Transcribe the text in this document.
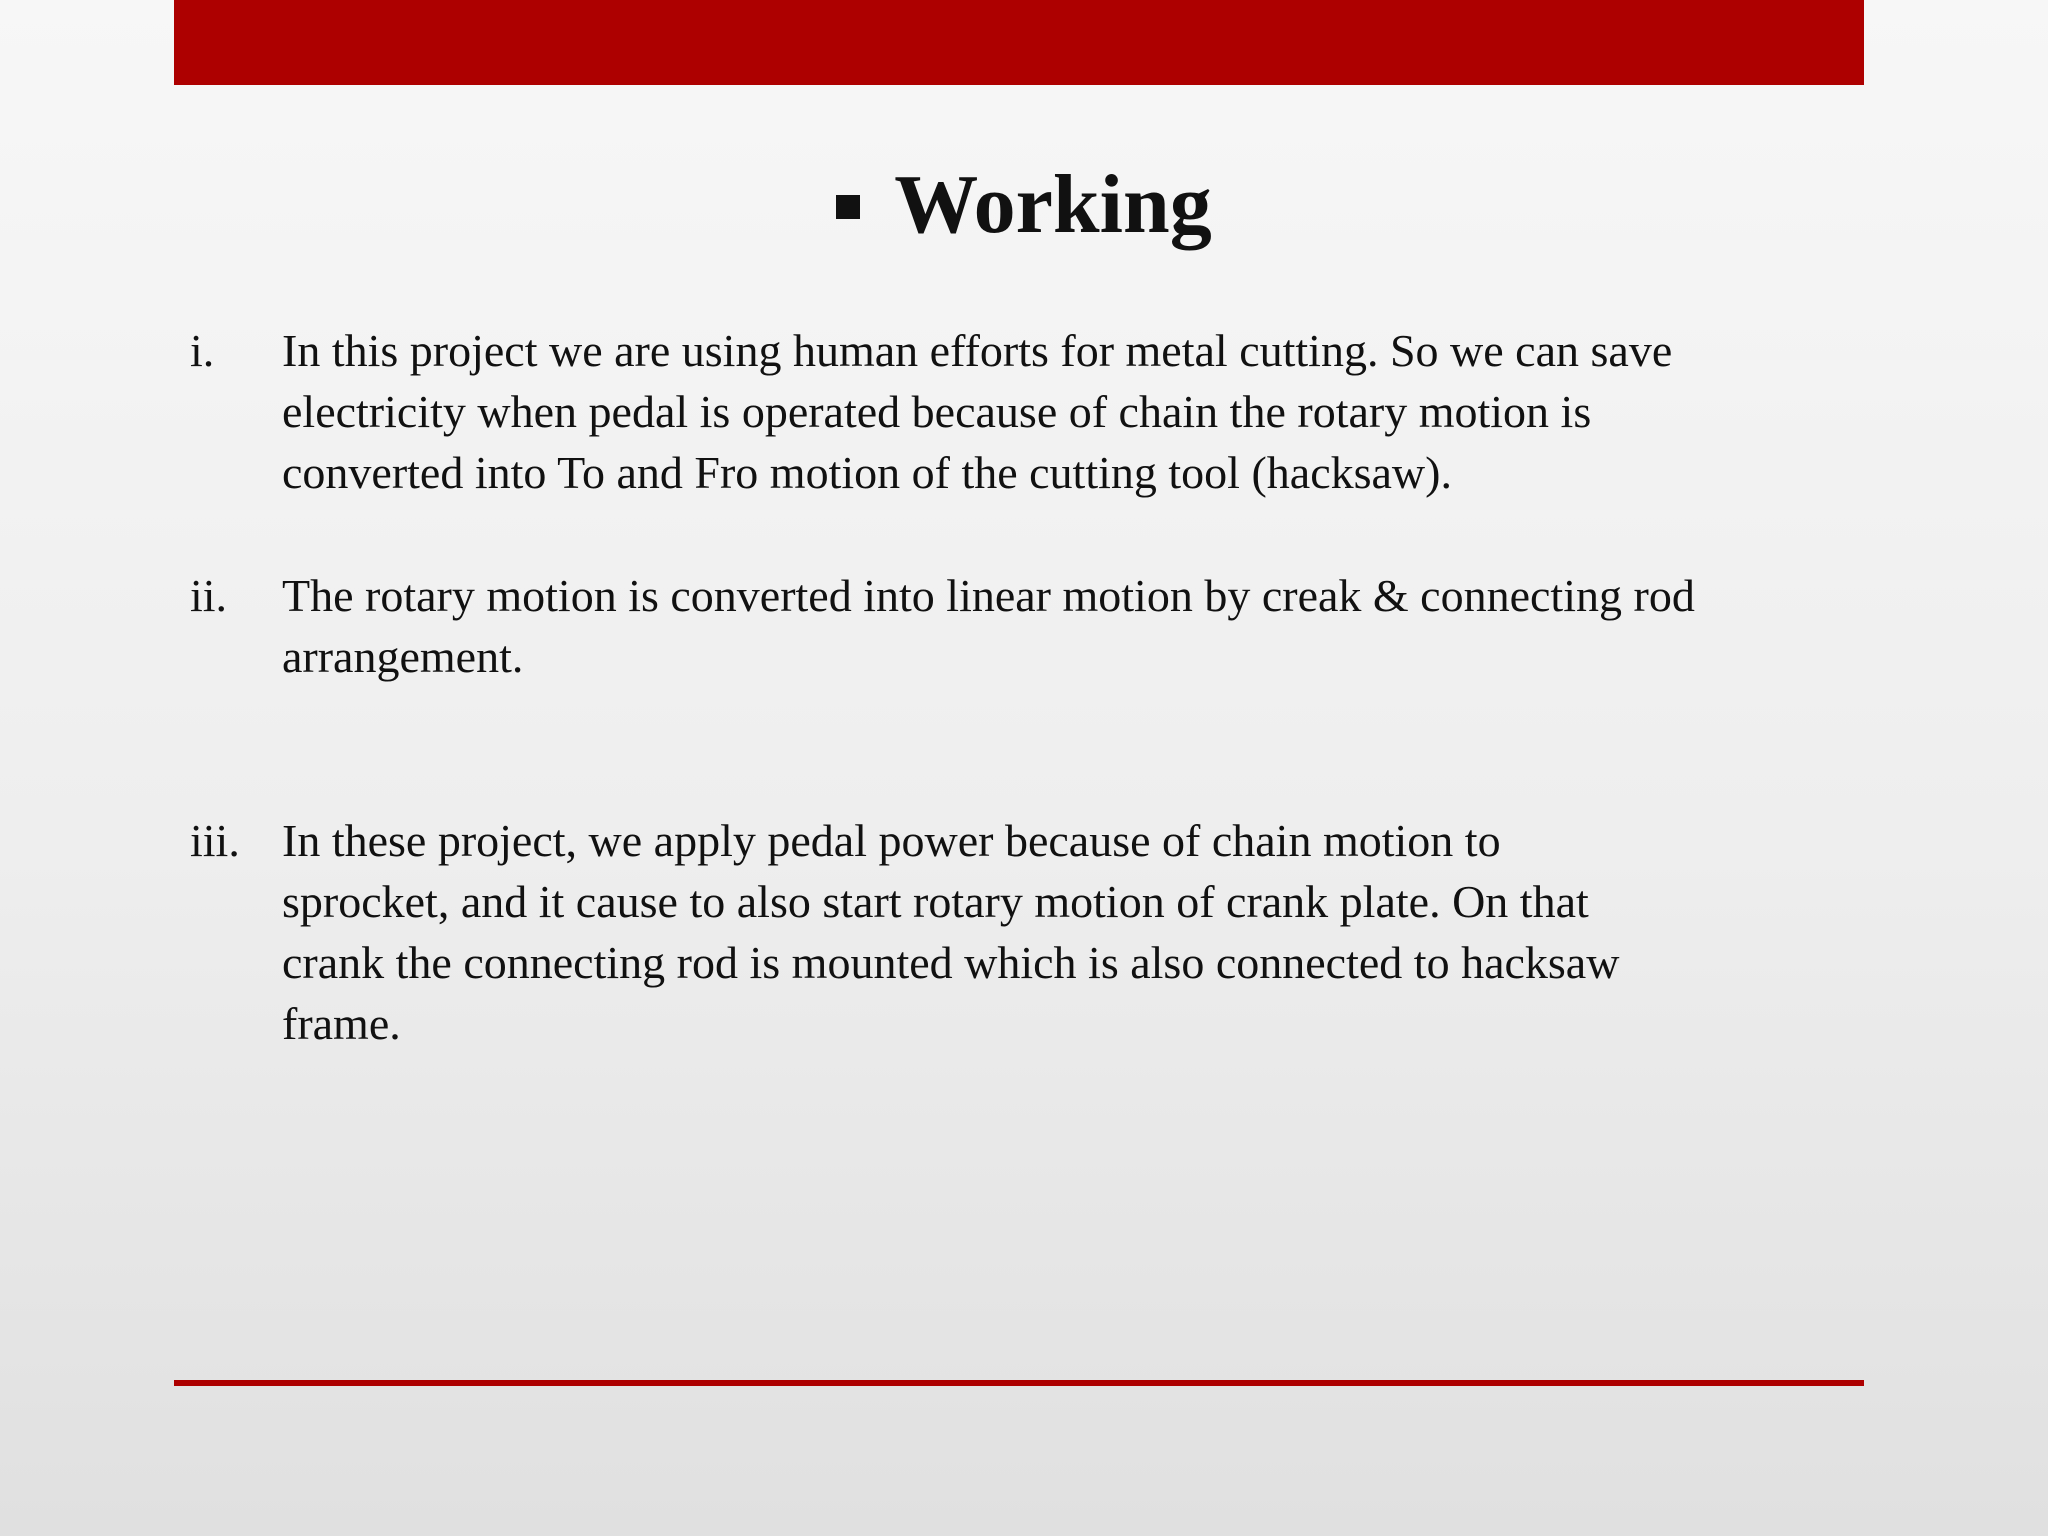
Working
i. In this project we are using human efforts for metal cutting. So we can save
electricity when pedal is operated because of chain the rotary motion is
converted into To and Fro motion of the cutting tool (hacksaw).
ii. The rotary motion is converted into linear motion by creak & connecting rod
arrangement.
iii. In these project, we apply pedal power because of chain motion to
sprocket, and it cause to also start rotary motion of crank plate. On that
crank the connecting rod is mounted which is also connected to hacksaw
frame.
